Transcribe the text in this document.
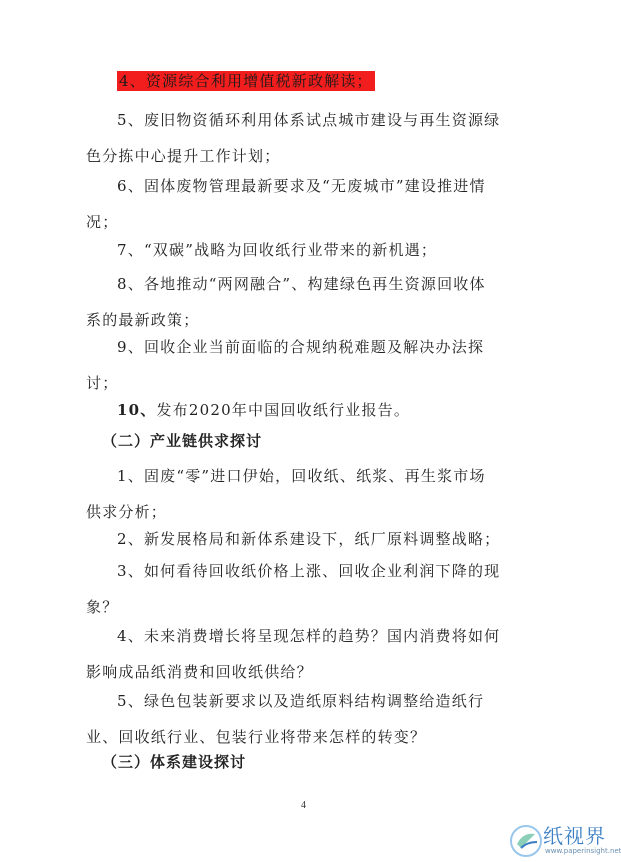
4、资源综合利用增值税新政解读；

5、废旧物资循环利用体系试点城市建设与再生资源绿
色分拣中心提升工作计划；

6、固体废物管理最新要求及“无废城市”建设推进情
况；

7、“双碳”战略为回收纸行业带来的新机遇；

8、各地推动“两网融合”、构建绿色再生资源回收体
系的最新政策；

9、回收企业当前面临的合规纳税难题及解决办法探
讨；

10、发布2020年中国回收纸行业报告。

（二）产业链供求探讨

1、固废“零”进口伊始，回收纸、纸浆、再生浆市场
供求分析；

2、新发展格局和新体系建设下，纸厂原料调整战略；

3、如何看待回收纸价格上涨、回收企业利润下降的现
象？

4、未来消费增长将呈现怎样的趋势？国内消费将如何
影响成品纸消费和回收纸供给？

5、绿色包装新要求以及造纸原料结构调整给造纸行
业、回收纸行业、包装行业将带来怎样的转变？

（三）体系建设探讨

4
纸视界
www.paperinsight.net
